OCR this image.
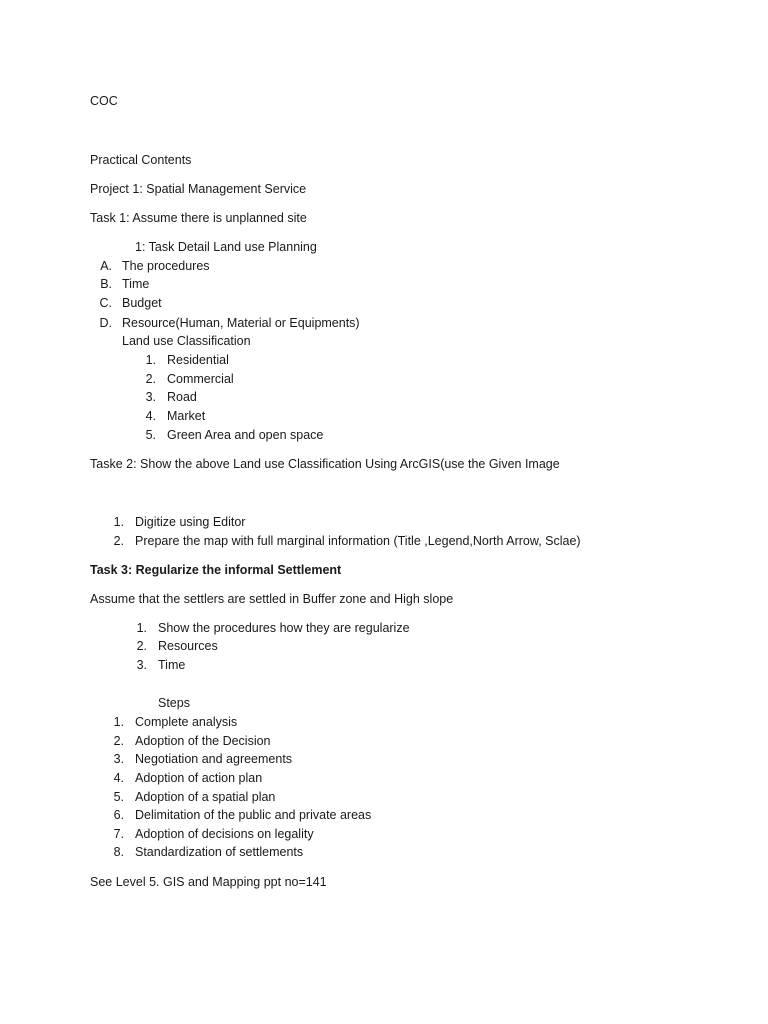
COC
Practical Contents
Project 1: Spatial Management Service
Task 1: Assume there is unplanned site
1: Task Detail Land use Planning
A. The procedures
B. Time
C. Budget
D. Resource(Human, Material or Equipments)
Land use Classification
1. Residential
2. Commercial
3. Road
4. Market
5. Green Area and open space
Taske 2: Show the above Land use Classification Using ArcGIS(use the Given Image
1. Digitize using Editor
2. Prepare the map with full marginal information (Title ,Legend,North Arrow, Sclae)
Task 3: Regularize the informal Settlement
Assume that the settlers are settled in Buffer zone and High slope
1. Show the procedures how they are regularize
2. Resources
3. Time
Steps
1. Complete analysis
2. Adoption of the Decision
3. Negotiation and agreements
4. Adoption of action plan
5. Adoption of a spatial plan
6. Delimitation of the public and private areas
7. Adoption of decisions on legality
8. Standardization of settlements
See Level 5. GIS and Mapping ppt no=141
